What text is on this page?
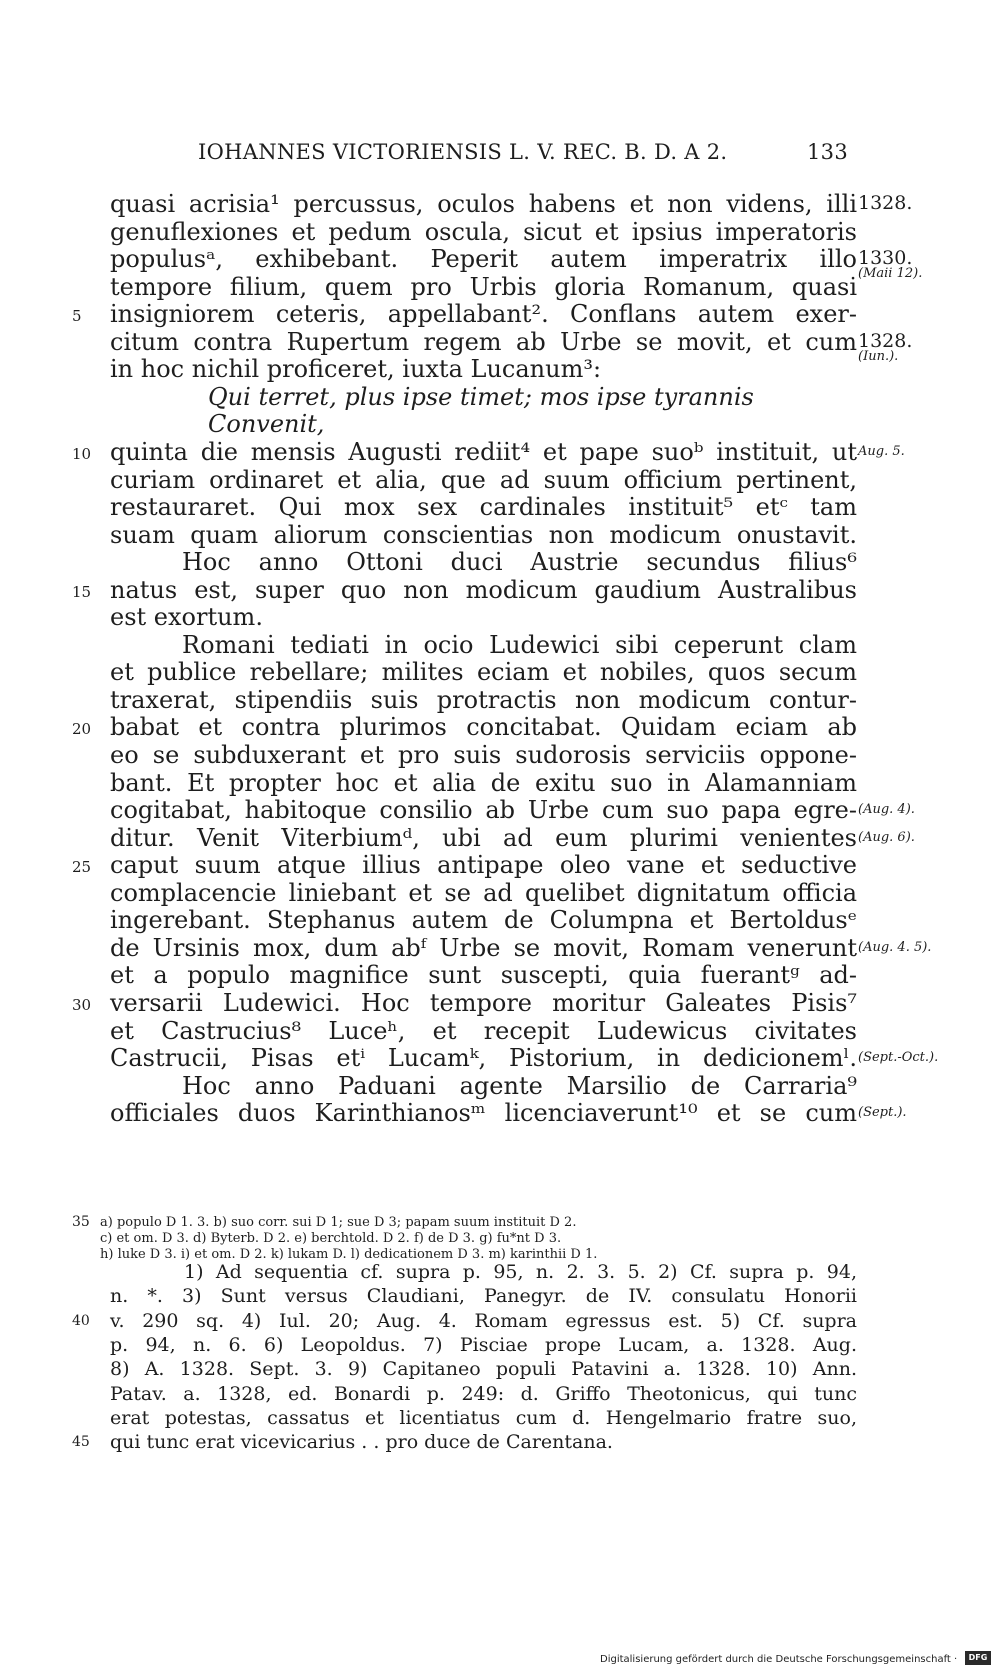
IOHANNES VICTORIENSIS L. V. REC. B. D. A 2.	133
quasi acrisia¹ percussus, oculos habens et non videns, illi
genuflexiones et pedum oscula, sicut et ipsius imperatoris
populusᵃ, exhibebant. Peperit autem imperatrix illo
tempore filium, quem pro Urbis gloria Romanum, quasi
insigniorem ceteris, appellabant². Conflans autem exer-
5
citum contra Rupertum regem ab Urbe se movit, et cum
in hoc nichil proficeret, iuxta Lucanum³:
Qui terret, plus ipse timet; mos ipse tyrannis
Convenit,
quinta die mensis Augusti rediit⁴ et pape suoᵇ instituit, ut
10
curiam ordinaret et alia, que ad suum officium pertinent,
restauraret. Qui mox sex cardinales instituit⁵ etᶜ tam
suam quam aliorum conscientias non modicum onustavit.
Hoc anno Ottoni duci Austrie secundus filius⁶
natus est, super quo non modicum gaudium Australibus
15
est exortum.
Romani tediati in ocio Ludewici sibi ceperunt clam
et publice rebellare; milites eciam et nobiles, quos secum
traxerat, stipendiis suis protractis non modicum contur-
babat et contra plurimos concitabat. Quidam eciam ab
20
eo se subduxerant et pro suis sudorosis serviciis oppone-
bant. Et propter hoc et alia de exitu suo in Alamanniam
cogitabat, habitoque consilio ab Urbe cum suo papa egre-
ditur. Venit Viterbiumᵈ, ubi ad eum plurimi venientes
caput suum atque illius antipape oleo vane et seductive
25
complacencie liniebant et se ad quelibet dignitatum officia
ingerebant. Stephanus autem de Columpna et Bertoldusᵉ
de Ursinis mox, dum abᶠ Urbe se movit, Romam venerunt
et a populo magnifice sunt suscepti, quia fuerantᵍ ad-
versarii Ludewici. Hoc tempore moritur Galeates Pisis⁷
30
et Castrucius⁸ Luceʰ, et recepit Ludewicus civitates
Castrucii, Pisas etⁱ Lucamᵏ, Pistorium, in dedicionemˡ.
Hoc anno Paduani agente Marsilio de Carraria⁹
officiales duos Karinthianosᵐ licenciaverunt¹⁰ et se cum
1328.
1330.
(Maii 12).
1328.
(Iun.).
Aug. 5.
(Aug. 4).
(Aug. 6).
(Aug. 4. 5).
(Sept.-Oct.).
(Sept.).
35 a) populo D 1. 3. b) suo corr. sui D 1; sue D 3; papam suum instituit D 2.
c) et om. D 3. d) Byterb. D 2. e) berchtold. D 2. f) de D 3. g) fu*nt D 3.
h) luke D 3. i) et om. D 2. k) lukam D. l) dedicationem D 3. m) karinthii D 1.
1) Ad sequentia cf. supra p. 95, n. 2. 3. 5. 2) Cf. supra p. 94,
n. *. 3) Sunt versus Claudiani, Panegyr. de IV. consulatu Honorii
v. 290 sq. 4) Iul. 20; Aug. 4. Romam egressus est. 5) Cf. supra
40
p. 94, n. 6. 6) Leopoldus. 7) Pisciae prope Lucam, a. 1328. Aug.
8) A. 1328. Sept. 3. 9) Capitaneo populi Patavini a. 1328. 10) Ann.
Patav. a. 1328, ed. Bonardi p. 249: d. Griffo Theotonicus, qui tunc
erat potestas, cassatus et licentiatus cum d. Hengelmario fratre suo,
qui tunc erat vicevicarius . . pro duce de Carentana.
45
Digitalisierung gefördert durch die Deutsche Forschungsgemeinschaft ·	DFG
